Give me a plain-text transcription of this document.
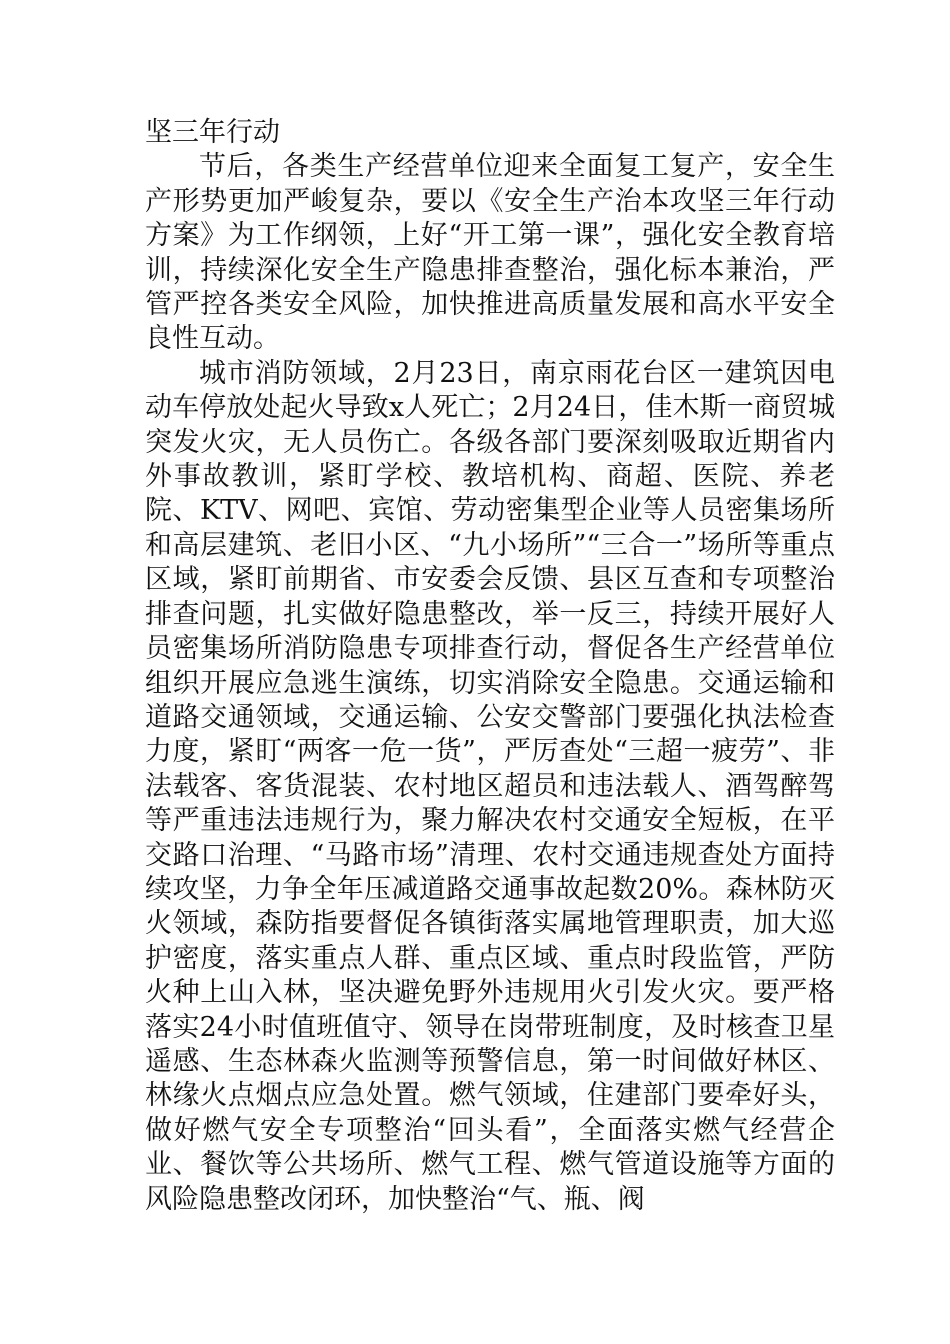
坚三年行动

节后，各类生产经营单位迎来全面复工复产，安全生产形势更加严峻复杂，要以《安全生产治本攻坚三年行动方案》为工作纲领，上好“开工第一课”，强化安全教育培训，持续深化安全生产隐患排查整治，强化标本兼治，严管严控各类安全风险，加快推进高质量发展和高水平安全良性互动。

城市消防领域，2月23日，南京雨花台区一建筑因电动车停放处起火导致x人死亡；2月24日，佳木斯一商贸城突发火灾，无人员伤亡。各级各部门要深刻吸取近期省内外事故教训，紧盯学校、教培机构、商超、医院、养老院、KTV、网吧、宾馆、劳动密集型企业等人员密集场所和高层建筑、老旧小区、“九小场所”“三合一”场所等重点区域，紧盯前期省、市安委会反馈、县区互查和专项整治排查问题，扎实做好隐患整改，举一反三，持续开展好人员密集场所消防隐患专项排查行动，督促各生产经营单位组织开展应急逃生演练，切实消除安全隐患。交通运输和道路交通领域，交通运输、公安交警部门要强化执法检查力度，紧盯“两客一危一货”，严厉查处“三超一疲劳”、非法载客、客货混装、农村地区超员和违法载人、酒驾醉驾等严重违法违规行为，聚力解决农村交通安全短板，在平交路口治理、“马路市场”清理、农村交通违规查处方面持续攻坚，力争全年压减道路交通事故起数20%。森林防灭火领域，森防指要督促各镇街落实属地管理职责，加大巡护密度，落实重点人群、重点区域、重点时段监管，严防火种上山入林，坚决避免野外违规用火引发火灾。要严格落实24小时值班值守、领导在岗带班制度，及时核查卫星遥感、生态林森火监测等预警信息，第一时间做好林区、林缘火点烟点应急处置。燃气领域，住建部门要牵好头，做好燃气安全专项整治“回头看”，全面落实燃气经营企业、餐饮等公共场所、燃气工程、燃气管道设施等方面的风险隐患整改闭环，加快整治“气、瓶、阀
